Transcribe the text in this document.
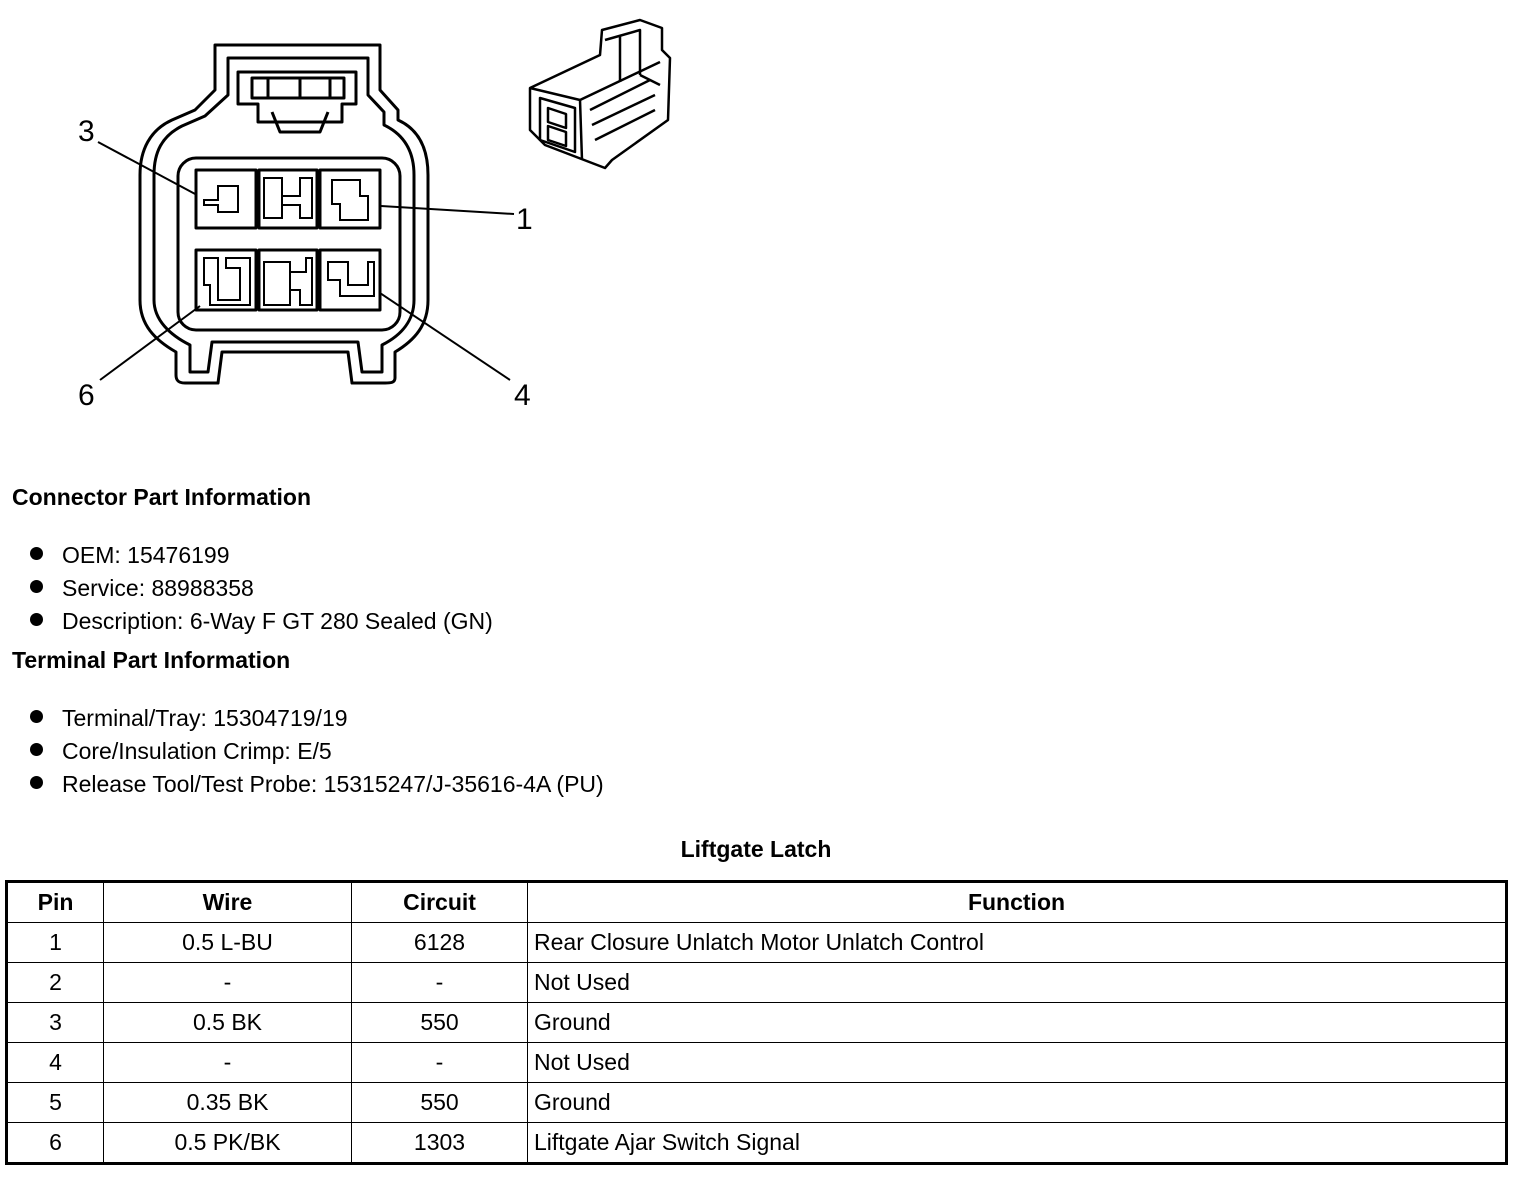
3
1
6	4
Connector Part Information
OEM: 15476199
Service: 88988358
Description: 6-Way F GT 280 Sealed (GN)
Terminal Part Information
Terminal/Tray: 15304719/19
Core/Insulation Crimp: E/5
Release Tool/Test Probe: 15315247/J-35616-4A (PU)
Liftgate Latch
Pin	Wire	Circuit	Function
1	0.5 L-BU	6128	Rear Closure Unlatch Motor Unlatch Control
2	-	-	Not Used
3	0.5 BK	550	Ground
4	-	-	Not Used
5	0.35 BK	550	Ground
6	0.5 PK/BK	1303	Liftgate Ajar Switch Signal
